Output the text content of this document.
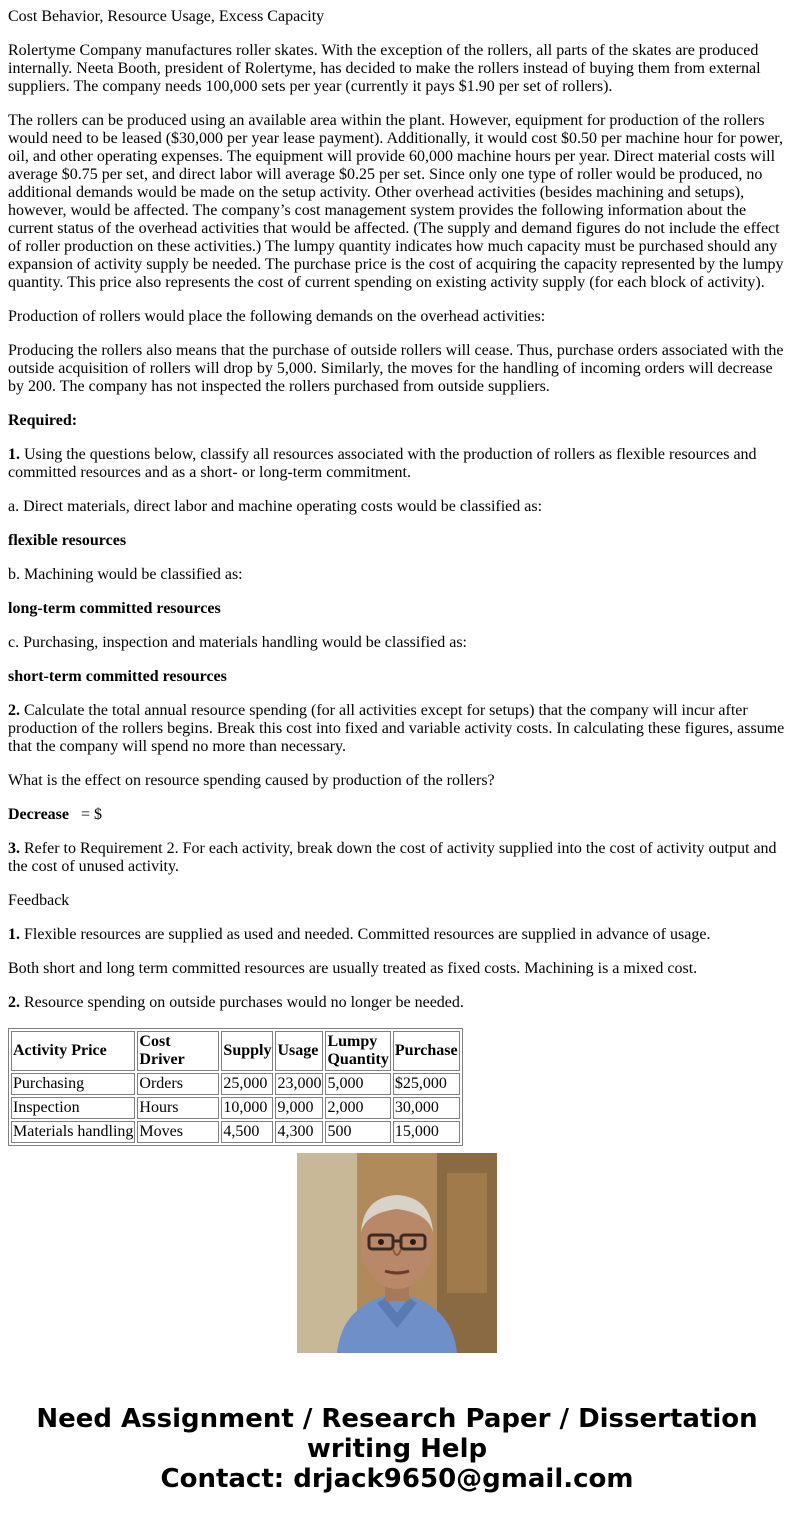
Cost Behavior, Resource Usage, Excess Capacity

Rolertyme Company manufactures roller skates. With the exception of the rollers, all parts of the skates are produced internally. Neeta Booth, president of Rolertyme, has decided to make the rollers instead of buying them from external suppliers. The company needs 100,000 sets per year (currently it pays $1.90 per set of rollers).

The rollers can be produced using an available area within the plant. However, equipment for production of the rollers would need to be leased ($30,000 per year lease payment). Additionally, it would cost $0.50 per machine hour for power, oil, and other operating expenses. The equipment will provide 60,000 machine hours per year. Direct material costs will average $0.75 per set, and direct labor will average $0.25 per set. Since only one type of roller would be produced, no additional demands would be made on the setup activity. Other overhead activities (besides machining and setups), however, would be affected. The company’s cost management system provides the following information about the current status of the overhead activities that would be affected. (The supply and demand figures do not include the effect of roller production on these activities.) The lumpy quantity indicates how much capacity must be purchased should any expansion of activity supply be needed. The purchase price is the cost of acquiring the capacity represented by the lumpy quantity. This price also represents the cost of current spending on existing activity supply (for each block of activity).

Production of rollers would place the following demands on the overhead activities:

Producing the rollers also means that the purchase of outside rollers will cease. Thus, purchase orders associated with the outside acquisition of rollers will drop by 5,000. Similarly, the moves for the handling of incoming orders will decrease by 200. The company has not inspected the rollers purchased from outside suppliers.

Required:

1. Using the questions below, classify all resources associated with the production of rollers as flexible resources and committed resources and as a short- or long-term commitment.

a. Direct materials, direct labor and machine operating costs would be classified as:

flexible resources

b. Machining would be classified as:

long-term committed resources

c. Purchasing, inspection and materials handling would be classified as:

short-term committed resources

2. Calculate the total annual resource spending (for all activities except for setups) that the company will incur after production of the rollers begins. Break this cost into fixed and variable activity costs. In calculating these figures, assume that the company will spend no more than necessary.

What is the effect on resource spending caused by production of the rollers?

Decrease   = $

3. Refer to Requirement 2. For each activity, break down the cost of activity supplied into the cost of activity output and the cost of unused activity.

Feedback

1. Flexible resources are supplied as used and needed. Committed resources are supplied in advance of usage.

Both short and long term committed resources are usually treated as fixed costs. Machining is a mixed cost.

2. Resource spending on outside purchases would no longer be needed.

Activity Price	Cost Driver	Supply	Usage	Lumpy Quantity	Purchase
Purchasing	Orders	25,000	23,000	5,000	$25,000
Inspection	Hours	10,000	9,000	2,000	30,000
Materials handling	Moves	4,500	4,300	500	15,000
Need Assignment / Research Paper / Dissertation
writing Help
Contact: drjack9650@gmail.com
